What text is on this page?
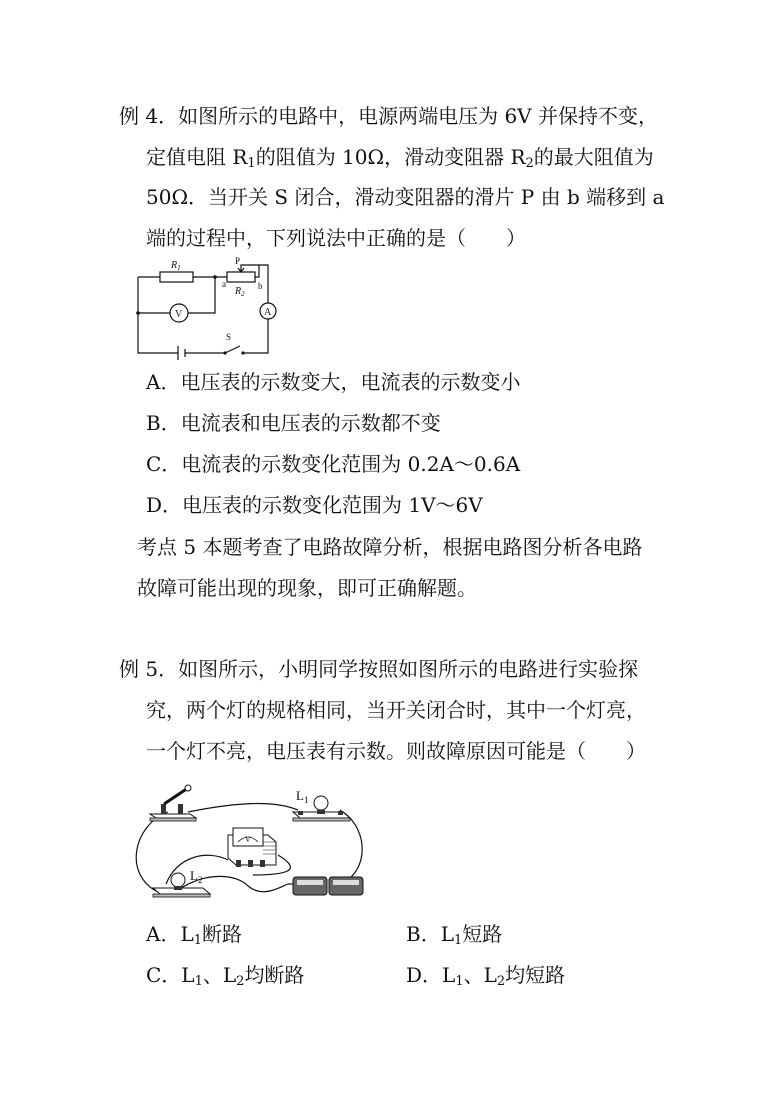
例 4．如图所示的电路中，电源两端电压为 6V 并保持不变，
定值电阻 $R_1$的阻值为 10Ω，滑动变阻器 $R_2$的最大阻值为
50Ω．当开关 S 闭合，滑动变阻器的滑片 P 由 b 端移到 a
端的过程中，下列说法中正确的是（　　）
$R_1$
$R_2$
P
a	b
V	A
S
A．电压表的示数变大，电流表的示数变小
B．电流表和电压表的示数都不变
C．电流表的示数变化范围为 0.2A～0.6A
D．电压表的示数变化范围为 1V～6V
考点 5 本题考查了电路故障分析，根据电路图分析各电路
故障可能出现的现象，即可正确解题。
例 5．如图所示，小明同学按照如图所示的电路进行实验探
究，两个灯的规格相同，当开关闭合时，其中一个灯亮，
一个灯不亮，电压表有示数。则故障原因可能是（　　）
$L_1$
V
$L_2$
A．$L_1$断路	B．$L_1$短路
C．$L_1$、$L_2$均断路	D．$L_1$、$L_2$均短路
